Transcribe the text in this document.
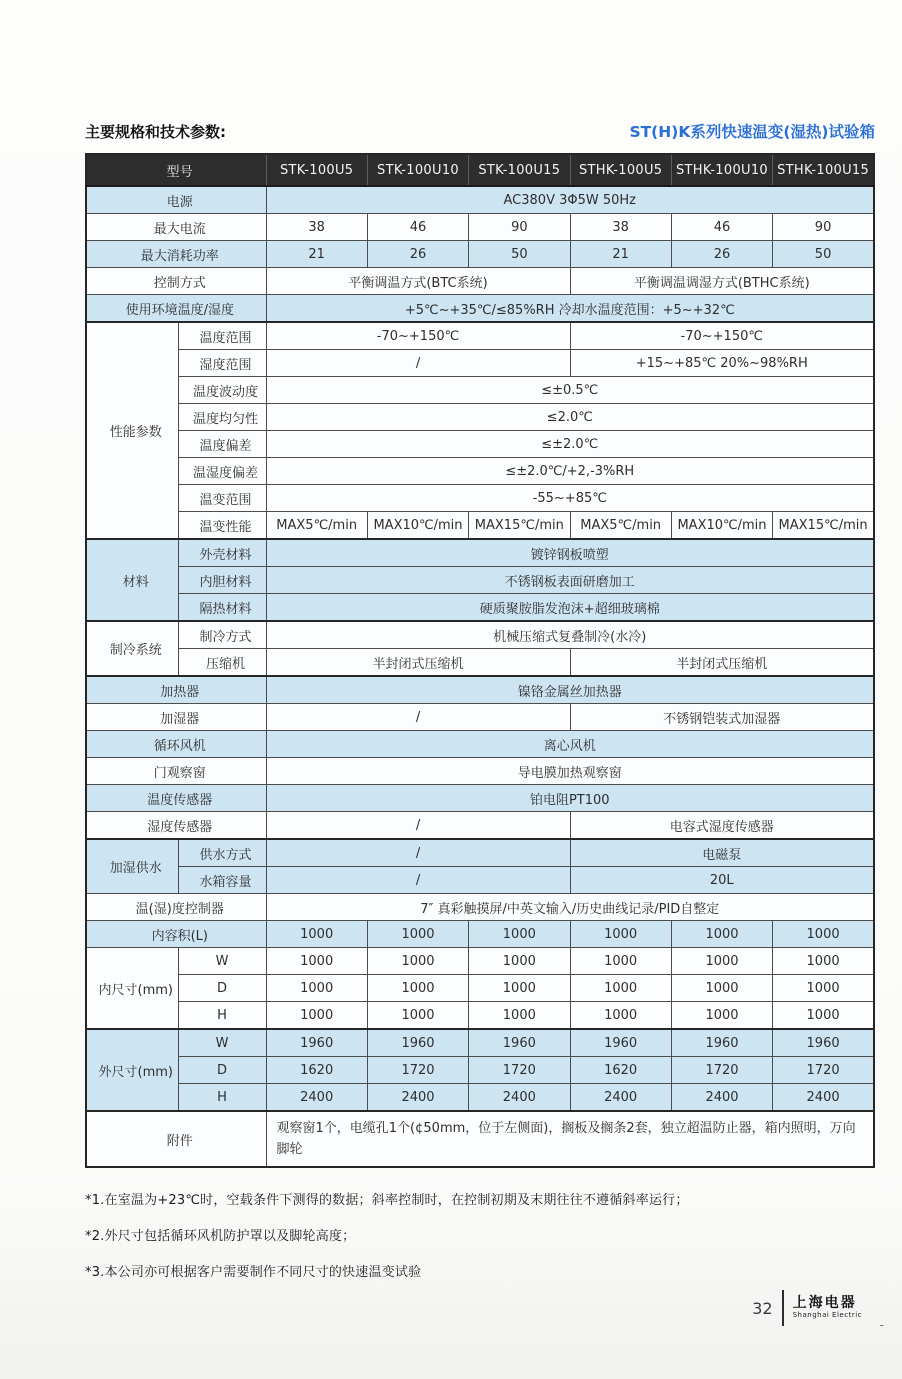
主要规格和技术参数:	ST(H)K系列快速温变(湿热)试验箱
型号		STK-100U5	STK-100U10	STK-100U15	STHK-100U5	STHK-100U10	STHK-100U15
电源		AC380V 3Φ5W 50Hz					
最大电流		38	46	90	38	46	90
最大消耗功率		21	26	50	21	26	50
控制方式		平衡调温方式(BTC系统)			平衡调温调湿方式(BTHC系统)		
使用环境温度/湿度		+5℃~+35℃/≤85%RH 冷却水温度范围：+5~+32℃					
性能参数	温度范围	-70~+150℃			-70~+150℃		
	湿度范围	/			+15~+85℃ 20%~98%RH		
	温度波动度	≤±0.5℃					
	温度均匀性	≤2.0℃					
	温度偏差	≤±2.0℃					
	温湿度偏差	≤±2.0℃/+2,-3%RH					
	温变范围	-55~+85℃					
	温变性能	MAX5℃/min	MAX10℃/min	MAX15℃/min	MAX5℃/min	MAX10℃/min	MAX15℃/min
材料	外壳材料	镀锌钢板喷塑					
	内胆材料	不锈钢板表面研磨加工					
	隔热材料	硬质聚胺脂发泡沫+超细玻璃棉					
制冷系统	制冷方式	机械压缩式复叠制冷(水冷)					
	压缩机	半封闭式压缩机			半封闭式压缩机		
加热器		镍铬金属丝加热器					
加湿器		/			不锈钢铠装式加湿器		
循环风机		离心风机					
门观察窗		导电膜加热观察窗					
温度传感器		铂电阻PT100					
湿度传感器		/			电容式湿度传感器		
加湿供水	供水方式	/			电磁泵		
	水箱容量	/			20L		
温(湿)度控制器		7″ 真彩触摸屏/中英文输入/历史曲线记录/PID自整定					
内容积(L)		1000	1000	1000	1000	1000	1000
内尺寸(mm)	W	1000	1000	1000	1000	1000	1000
	D	1000	1000	1000	1000	1000	1000
	H	1000	1000	1000	1000	1000	1000
外尺寸(mm)	W	1960	1960	1960	1960	1960	1960
	D	1620	1720	1720	1620	1720	1720
	H	2400	2400	2400	2400	2400	2400
附件		观察窗1个，电缆孔1个(¢50mm，位于左侧面)，搁板及搁条2套，独立超温防止器，箱内照明，万向脚轮					

*1.在室温为+23℃时，空载条件下测得的数据；斜率控制时，在控制初期及末期往往不遵循斜率运行；

*2.外尺寸包括循环风机防护罩以及脚轮高度；

*3.本公司亦可根据客户需要制作不同尺寸的快速温变试验

32 上海电器
Shanghai Electric
-
